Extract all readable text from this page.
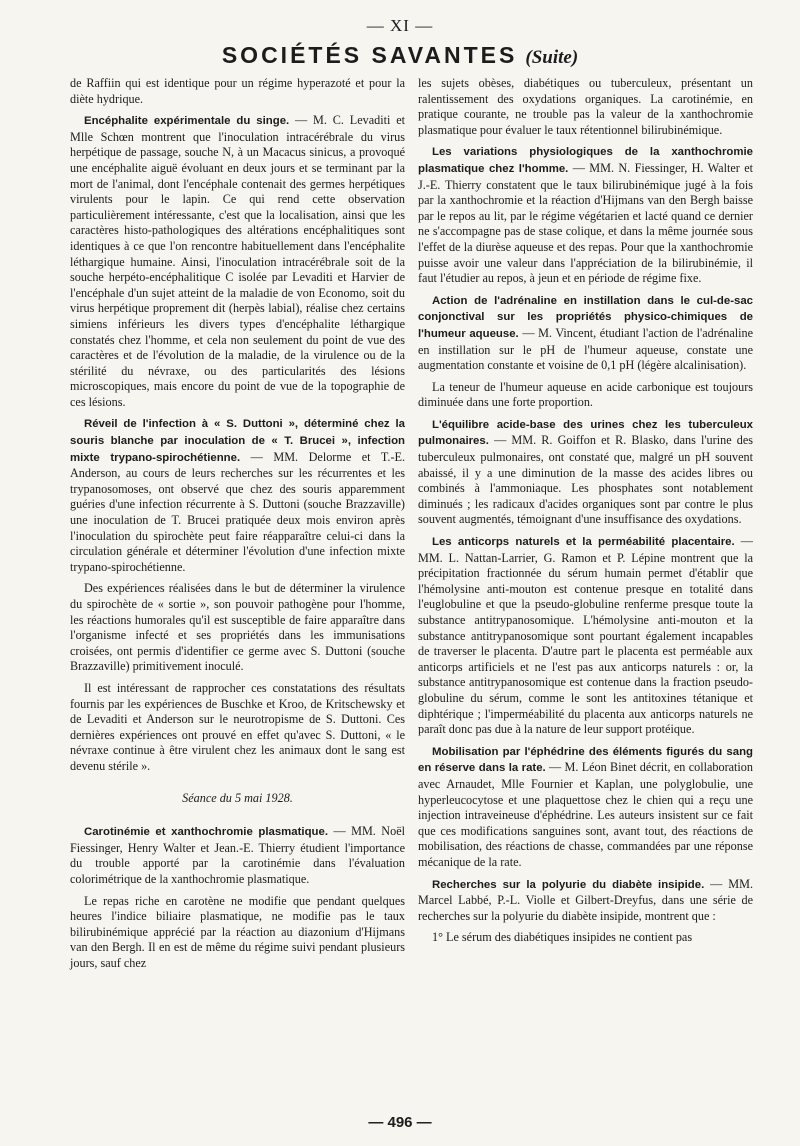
— XI —
SOCIÉTÉS SAVANTES (Suite)

de Raffiin qui est identique pour un régime hyperazoté et pour la diète hydrique.

Encéphalite expérimentale du singe. — M. C. Levaditi et Mlle Schœn montrent que l'inoculation intracérébrale du virus herpétique de passage, souche N, à un Macacus sinicus, a provoqué une encéphalite aiguë évoluant en deux jours et se terminant par la mort de l'animal, dont l'encéphale contenait des germes herpétiques virulents pour le lapin. Ce qui rend cette observation particulièrement intéressante, c'est que la localisation, ainsi que les caractères histo-pathologiques des altérations encéphalitiques sont identiques à ce que l'on rencontre habituellement dans l'encéphalite léthargique humaine. Ainsi, l'inoculation intracérébrale soit de la souche herpéto-encéphalitique C isolée par Levaditi et Harvier de l'encéphale d'un sujet atteint de la maladie de von Economo, soit du virus herpétique proprement dit (herpès labial), réalise chez certains simiens inférieurs les divers types d'encéphalite léthargique constatés chez l'homme, et cela non seulement du point de vue des caractères et de l'évolution de la maladie, de la virulence ou de la stérilité du névraxe, ou des particularités des lésions microscopiques, mais encore du point de vue de la topographie de ces lésions.

Réveil de l'infection à « S. Duttoni », déterminé chez la souris blanche par inoculation de « T. Brucei », infection mixte trypano-spirochétienne. — MM. Delorme et T.-E. Anderson, au cours de leurs recherches sur les récurrentes et les trypanosomoses, ont observé que chez des souris apparemment guéries d'une infection récurrente à S. Duttoni (souche Brazzaville) une inoculation de T. Brucei pratiquée deux mois environ après l'inoculation du spirochète peut faire réapparaître celui-ci dans la circulation générale et déterminer l'évolution d'une infection mixte trypano-spirochétienne.

Des expériences réalisées dans le but de déterminer la virulence du spirochète de « sortie », son pouvoir pathogène pour l'homme, les réactions humorales qu'il est susceptible de faire apparaître dans l'organisme infecté et ses propriétés dans les immunisations croisées, ont permis d'identifier ce germe avec S. Duttoni (souche Brazzaville) primitivement inoculé.

Il est intéressant de rapprocher ces constatations des résultats fournis par les expériences de Buschke et Kroo, de Kritschewsky et de Levaditi et Anderson sur le neurotropisme de S. Duttoni. Ces dernières expériences ont prouvé en effet qu'avec S. Duttoni, « le névraxe continue à être virulent chez les animaux dont le sang est devenu stérile ».

Séance du 5 mai 1928.

Carotinémie et xanthochromie plasmatique. — MM. Noël Fiessinger, Henry Walter et Jean.-E. Thierry étudient l'importance du trouble apporté par la carotinémie dans l'évaluation colorimétrique de la xanthochromie plasmatique.

Le repas riche en carotène ne modifie que pendant quelques heures l'indice biliaire plasmatique, ne modifie pas le taux bilirubinémique apprécié par la réaction au diazonium d'Hijmans van den Bergh. Il en est de même du régime suivi pendant plusieurs jours, sauf chez

les sujets obèses, diabétiques ou tuberculeux, présentant un ralentissement des oxydations organiques. La carotinémie, en pratique courante, ne trouble pas la valeur de la xanthochromie plasmatique pour évaluer le taux rétentionnel bilirubinémique.

Les variations physiologiques de la xanthochromie plasmatique chez l'homme. — MM. N. Fiessinger, H. Walter et J.-E. Thierry constatent que le taux bilirubinémique jugé à la fois par la xanthochromie et la réaction d'Hijmans van den Bergh baisse par le repos au lit, par le régime végétarien et lacté quand ce dernier ne s'accompagne pas de stase colique, et dans la même journée sous l'effet de la diurèse aqueuse et des repas. Pour que la xanthochromie puisse avoir une valeur dans l'appréciation de la bilirubinémie, il faut l'étudier au repos, à jeun et en période de régime fixe.

Action de l'adrénaline en instillation dans le cul-de-sac conjonctival sur les propriétés physico-chimiques de l'humeur aqueuse. — M. Vincent, étudiant l'action de l'adrénaline en instillation sur le pH de l'humeur aqueuse, constate une augmentation constante et voisine de 0,1 pH (légère alcalinisation).

La teneur de l'humeur aqueuse en acide carbonique est toujours diminuée dans une forte proportion.

L'équilibre acide-base des urines chez les tuberculeux pulmonaires. — MM. R. Goiffon et R. Blasko, dans l'urine des tuberculeux pulmonaires, ont constaté que, malgré un pH souvent abaissé, il y a une diminution de la masse des acides libres ou combinés à l'ammoniaque. Les phosphates sont notablement diminués ; les radicaux d'acides organiques sont par contre le plus souvent augmentés, témoignant d'une insuffisance des oxydations.

Les anticorps naturels et la perméabilité placentaire. — MM. L. Nattan-Larrier, G. Ramon et P. Lépine montrent que la précipitation fractionnée du sérum humain permet d'établir que l'hémolysine anti-mouton est contenue presque en totalité dans l'euglobuline et que la pseudo-globuline renferme presque toute la substance antitrypanosomique. L'hémolysine anti-mouton et la substance antitrypanosomique sont pourtant également incapables de traverser le placenta. D'autre part le placenta est perméable aux anticorps artificiels et ne l'est pas aux anticorps naturels : or, la substance antitrypanosomique est contenue dans la fraction pseudo-globuline du sérum, comme le sont les antitoxines tétanique et diphtérique ; l'imperméabilité du placenta aux anticorps naturels ne paraît donc pas due à la nature de leur support protéique.

Mobilisation par l'éphédrine des éléments figurés du sang en réserve dans la rate. — M. Léon Binet décrit, en collaboration avec Arnaudet, Mlle Fournier et Kaplan, une polyglobulie, une hyperleucocytose et une plaquettose chez le chien qui a reçu une injection intraveineuse d'éphédrine. Les auteurs insistent sur ce fait que ces modifications sanguines sont, avant tout, des réactions de mobilisation, des réactions de chasse, commandées par une réponse mécanique de la rate.

Recherches sur la polyurie du diabète insipide. — MM. Marcel Labbé, P.-L. Violle et Gilbert-Dreyfus, dans une série de recherches sur la polyurie du diabète insipide, montrent que :

1° Le sérum des diabétiques insipides ne contient pas

— 496 —
